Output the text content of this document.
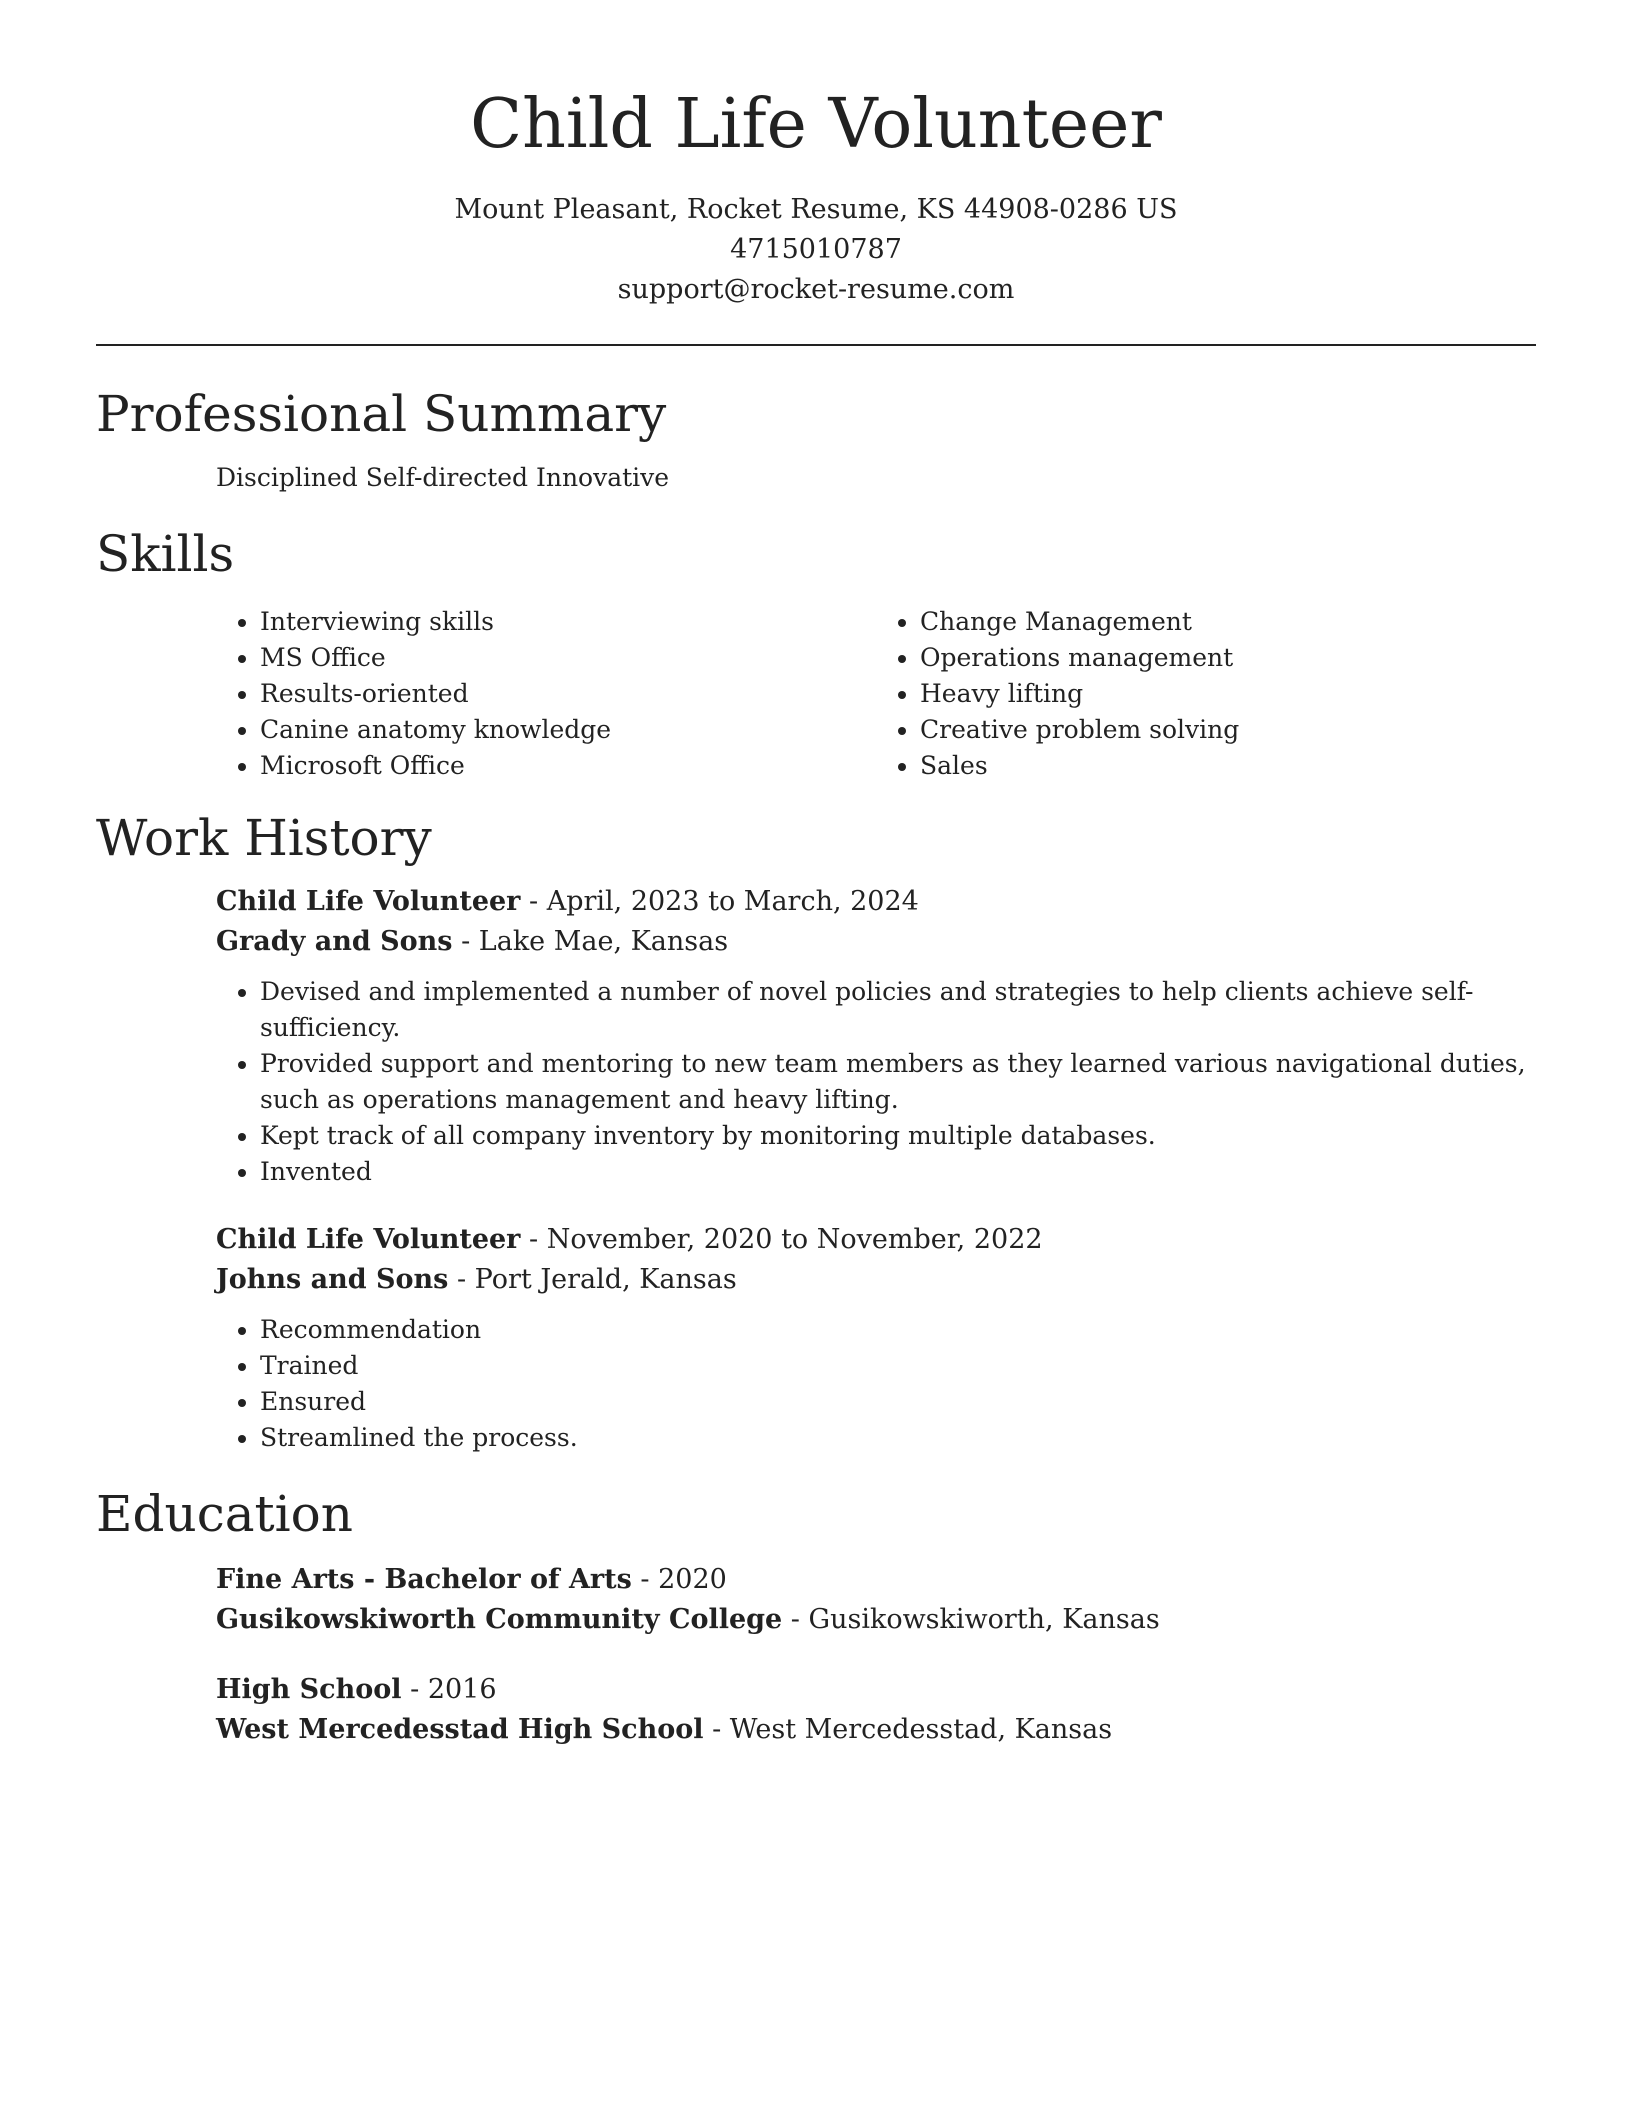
Child Life Volunteer
Mount Pleasant, Rocket Resume, KS 44908-0286 US
4715010787
support@rocket-resume.com
Professional Summary
Disciplined Self-directed Innovative
Skills
• Interviewing skills
• MS Office
• Results-oriented
• Canine anatomy knowledge
• Microsoft Office
• Change Management
• Operations management
• Heavy lifting
• Creative problem solving
• Sales
Work History
Child Life Volunteer - April, 2023 to March, 2024
Grady and Sons - Lake Mae, Kansas
• Devised and implemented a number of novel policies and strategies to help clients achieve self-sufficiency.
• Provided support and mentoring to new team members as they learned various navigational duties, such as operations management and heavy lifting.
• Kept track of all company inventory by monitoring multiple databases.
• Invented
Child Life Volunteer - November, 2020 to November, 2022
Johns and Sons - Port Jerald, Kansas
• Recommendation
• Trained
• Ensured
• Streamlined the process.
Education
Fine Arts - Bachelor of Arts - 2020
Gusikowskiworth Community College - Gusikowskiworth, Kansas
High School - 2016
West Mercedesstad High School - West Mercedesstad, Kansas
